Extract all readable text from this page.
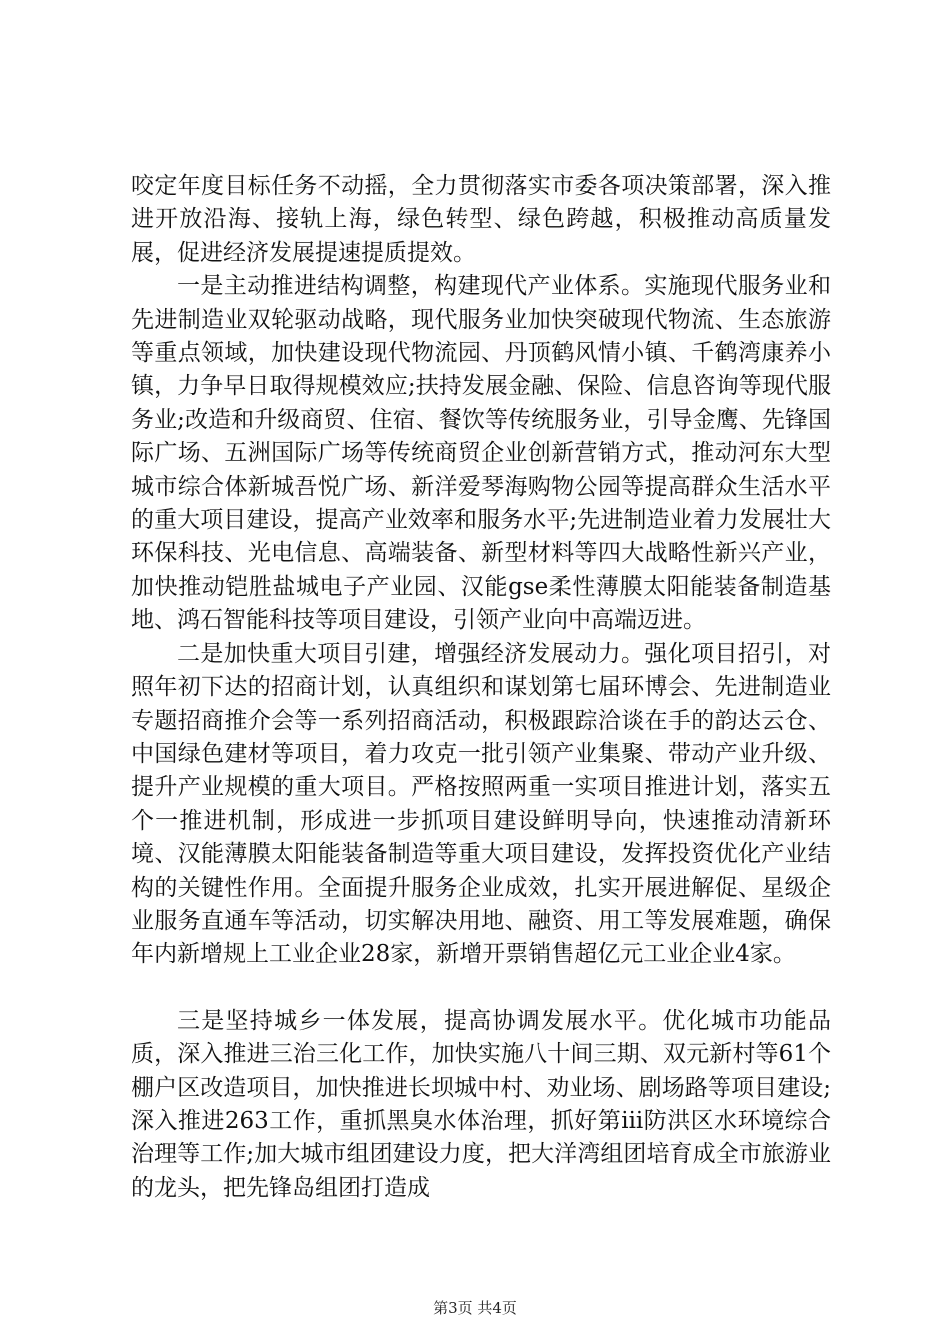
咬定年度目标任务不动摇，全力贯彻落实市委各项决策部署，深入推进开放沿海、接轨上海，绿色转型、绿色跨越，积极推动高质量发展，促进经济发展提速提质提效。

一是主动推进结构调整，构建现代产业体系。实施现代服务业和先进制造业双轮驱动战略，现代服务业加快突破现代物流、生态旅游等重点领域，加快建设现代物流园、丹顶鹤风情小镇、千鹤湾康养小镇，力争早日取得规模效应;扶持发展金融、保险、信息咨询等现代服务业;改造和升级商贸、住宿、餐饮等传统服务业，引导金鹰、先锋国际广场、五洲国际广场等传统商贸企业创新营销方式，推动河东大型城市综合体新城吾悦广场、新洋爱琴海购物公园等提高群众生活水平的重大项目建设，提高产业效率和服务水平;先进制造业着力发展壮大环保科技、光电信息、高端装备、新型材料等四大战略性新兴产业，加快推动铠胜盐城电子产业园、汉能gse柔性薄膜太阳能装备制造基地、鸿石智能科技等项目建设，引领产业向中高端迈进。

二是加快重大项目引建，增强经济发展动力。强化项目招引，对照年初下达的招商计划，认真组织和谋划第七届环博会、先进制造业专题招商推介会等一系列招商活动，积极跟踪洽谈在手的韵达云仓、中国绿色建材等项目，着力攻克一批引领产业集聚、带动产业升级、提升产业规模的重大项目。严格按照两重一实项目推进计划，落实五个一推进机制，形成进一步抓项目建设鲜明导向，快速推动清新环境、汉能薄膜太阳能装备制造等重大项目建设，发挥投资优化产业结构的关键性作用。全面提升服务企业成效，扎实开展进解促、星级企业服务直通车等活动，切实解决用地、融资、用工等发展难题，确保年内新增规上工业企业28家，新增开票销售超亿元工业企业4家。

三是坚持城乡一体发展，提高协调发展水平。优化城市功能品质，深入推进三治三化工作，加快实施八十间三期、双元新村等61个棚户区改造项目，加快推进长坝城中村、劝业场、剧场路等项目建设;深入推进263工作，重抓黑臭水体治理，抓好第iii防洪区水环境综合治理等工作;加大城市组团建设力度，把大洋湾组团培育成全市旅游业的龙头，把先锋岛组团打造成

第3页 共4页
